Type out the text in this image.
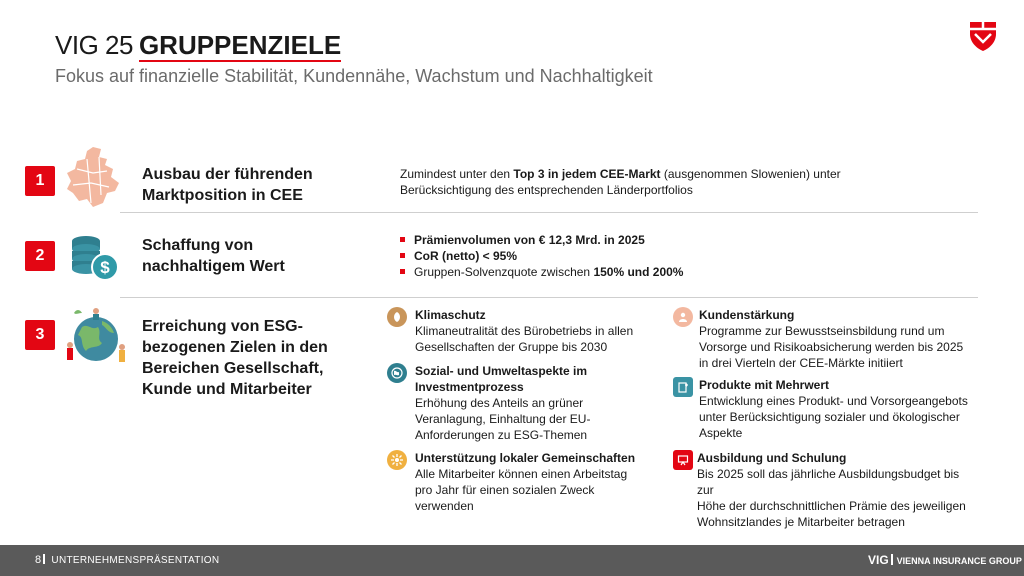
VIG 25 GRUPPENZIELE
Fokus auf finanzielle Stabilität, Kundennähe, Wachstum und Nachhaltigkeit
1	Ausbau der führenden
Marktposition in CEE
Zumindest unter den Top 3 in jedem CEE-Markt (ausgenommen Slowenien) unter
Berücksichtigung des entsprechenden Länderportfolios
2
$
Schaffung von
nachhaltigem Wert
Prämienvolumen von € 12,3 Mrd. in 2025
CoR (netto) < 95%
Gruppen-Solvenzquote zwischen 150% und 200%
3	Erreichung von ESG-
bezogenen Zielen in den
Bereichen Gesellschaft,
Kunde und Mitarbeiter
Klimaschutz
Klimaneutralität des Bürobetriebs in allen
Gesellschaften der Gruppe bis 2030
Sozial- und Umweltaspekte im
Investmentprozess
Erhöhung des Anteils an grüner
Veranlagung, Einhaltung der EU-
Anforderungen zu ESG-Themen
Unterstützung lokaler Gemeinschaften
Alle Mitarbeiter können einen Arbeitstag
pro Jahr für einen sozialen Zweck
verwenden
Kundenstärkung
Programme zur Bewusstseinsbildung rund um
Vorsorge und Risikoabsicherung werden bis 2025
in drei Vierteln der CEE-Märkte initiiert
Produkte mit Mehrwert
Entwicklung eines Produkt- und Vorsorgeangebots
unter Berücksichtigung sozialer und ökologischer
Aspekte
Ausbildung und Schulung
Bis 2025 soll das jährliche Ausbildungsbudget bis zur
Höhe der durchschnittlichen Prämie des jeweiligen
Wohnsitzlandes je Mitarbeiter betragen
8 UNTERNEHMENSPRÄSENTATION	VIG VIENNA INSURANCE GROUP
